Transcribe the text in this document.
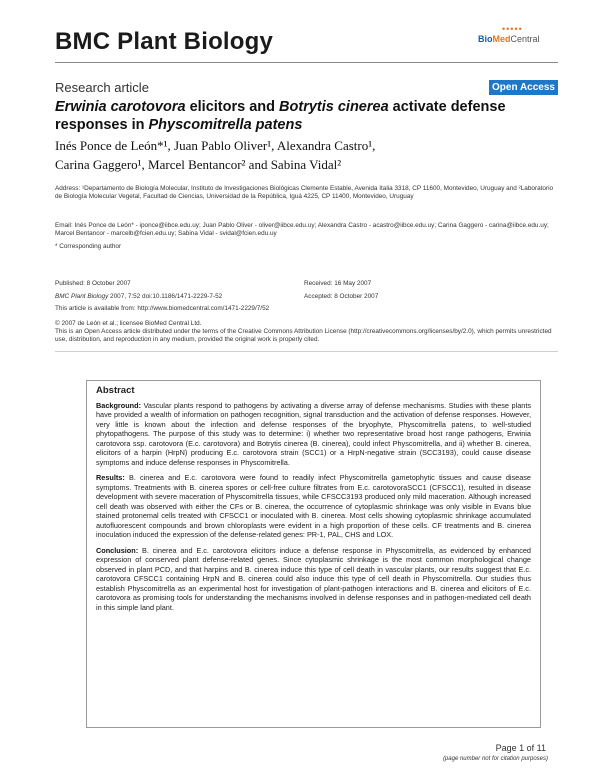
BMC Plant Biology	•••••
BioMedCentral
Research article	Open Access
Erwinia carotovora elicitors and Botrytis cinerea activate defense responses in Physcomitrella patens
Inés Ponce de León*¹, Juan Pablo Oliver¹, Alexandra Castro¹,
Carina Gaggero¹, Marcel Bentancor² and Sabina Vidal²
Address: ¹Departamento de Biología Molecular, Instituto de Investigaciones Biológicas Clemente Estable, Avenida Italia 3318, CP 11600, Montevideo, Uruguay and ²Laboratorio de Biología Molecular Vegetal, Facultad de Ciencias, Universidad de la República, Iguá 4225, CP 11400, Montevideo, Uruguay
Email: Inés Ponce de León* - iponce@iibce.edu.uy; Juan Pablo Oliver - oliver@iibce.edu.uy; Alexandra Castro - acastro@iibce.edu.uy; Carina Gaggero - carina@iibce.edu.uy; Marcel Bentancor - marcelb@fcien.edu.uy; Sabina Vidal - svidal@fcien.edu.uy
* Corresponding author
Published: 8 October 2007	Received: 16 May 2007
BMC Plant Biology 2007, 7:52 doi:10.1186/1471-2229-7-52	Accepted: 8 October 2007
This article is available from: http://www.biomedcentral.com/1471-2229/7/52
© 2007 de León et al.; licensee BioMed Central Ltd.
This is an Open Access article distributed under the terms of the Creative Commons Attribution License (http://creativecommons.org/licenses/by/2.0), which permits unrestricted use, distribution, and reproduction in any medium, provided the original work is properly cited.
Abstract

Background: Vascular plants respond to pathogens by activating a diverse array of defense mechanisms. Studies with these plants have provided a wealth of information on pathogen recognition, signal transduction and the activation of defense responses. However, very little is known about the infection and defense responses of the bryophyte, Physcomitrella patens, to well-studied phytopathogens. The purpose of this study was to determine: i) whether two representative broad host range pathogens, Erwinia carotovora ssp. carotovora (E.c. carotovora) and Botrytis cinerea (B. cinerea), could infect Physcomitrella, and ii) whether B. cinerea, elicitors of a harpin (HrpN) producing E.c. carotovora strain (SCC1) or a HrpN-negative strain (SCC3193), could cause disease symptoms and induce defense responses in Physcomitrella.

Results: B. cinerea and E.c. carotovora were found to readily infect Physcomitrella gametophytic tissues and cause disease symptoms. Treatments with B. cinerea spores or cell-free culture filtrates from E.c. carotovoraSCC1 (CFSCC1), resulted in disease development with severe maceration of Physcomitrella tissues, while CFSCC3193 produced only mild maceration. Although increased cell death was observed with either the CFs or B. cinerea, the occurrence of cytoplasmic shrinkage was only visible in Evans blue stained protonemal cells treated with CFSCC1 or inoculated with B. cinerea. Most cells showing cytoplasmic shrinkage accumulated autofluorescent compounds and brown chloroplasts were evident in a high proportion of these cells. CF treatments and B. cinerea inoculation induced the expression of the defense-related genes: PR-1, PAL, CHS and LOX.

Conclusion: B. cinerea and E.c. carotovora elicitors induce a defense response in Physcomitrella, as evidenced by enhanced expression of conserved plant defense-related genes. Since cytoplasmic shrinkage is the most common morphological change observed in plant PCD, and that harpins and B. cinerea induce this type of cell death in vascular plants, our results suggest that E.c. carotovora CFSCC1 containing HrpN and B. cinerea could also induce this type of cell death in Physcomitrella. Our studies thus establish Physcomitrella as an experimental host for investigation of plant-pathogen interactions and B. cinerea and elicitors of E.c. carotovora as promising tools for understanding the mechanisms involved in defense responses and in pathogen-mediated cell death in this simple land plant.

Page 1 of 11
(page number not for citation purposes)
